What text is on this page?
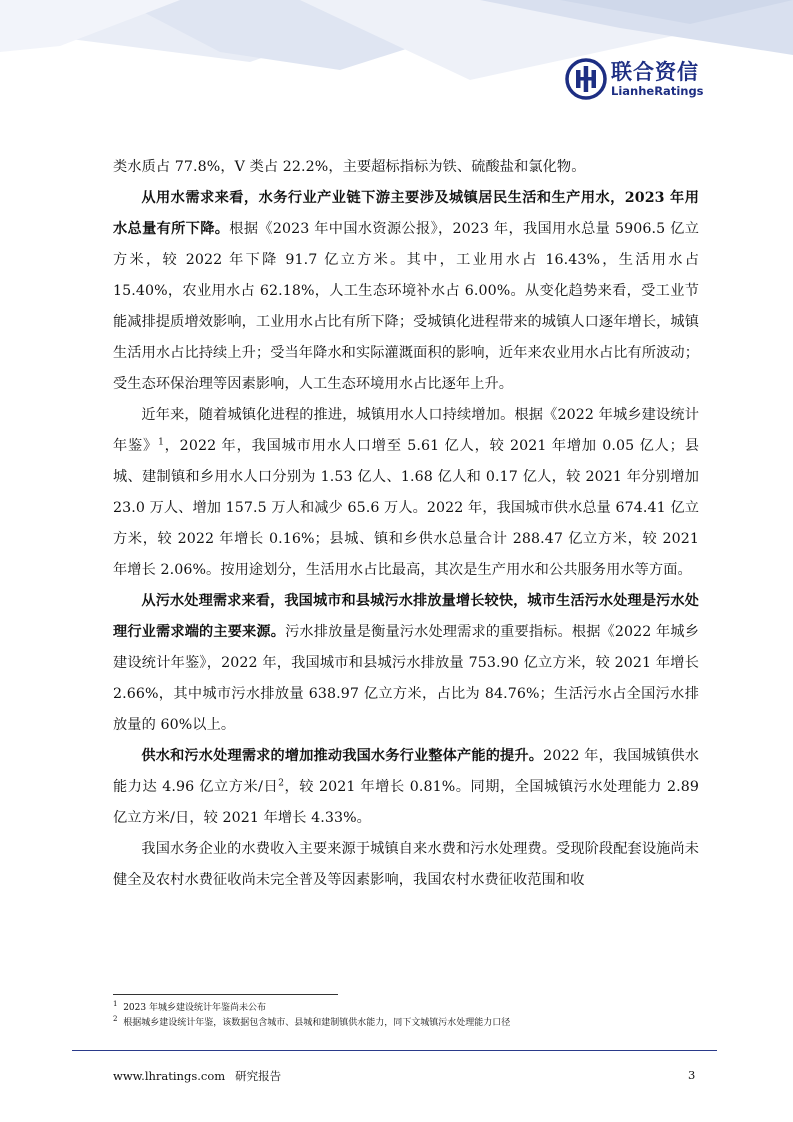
联合资信
LianheRatings

类水质占 77.8%，V 类占 22.2%，主要超标指标为铁、硫酸盐和氯化物。

从用水需求来看，水务行业产业链下游主要涉及城镇居民生活和生产用水，2023 年用水总量有所下降。根据《2023 年中国水资源公报》，2023 年，我国用水总量 5906.5 亿立方米，较 2022 年下降 91.7 亿立方米。其中，工业用水占 16.43%，生活用水占 15.40%，农业用水占 62.18%，人工生态环境补水占 6.00%。从变化趋势来看，受工业节能减排提质增效影响，工业用水占比有所下降；受城镇化进程带来的城镇人口逐年增长，城镇生活用水占比持续上升；受当年降水和实际灌溉面积的影响，近年来农业用水占比有所波动；受生态环保治理等因素影响，人工生态环境用水占比逐年上升。

近年来，随着城镇化进程的推进，城镇用水人口持续增加。根据《2022 年城乡建设统计年鉴》$^1$，2022 年，我国城市用水人口增至 5.61 亿人，较 2021 年增加 0.05 亿人；县城、建制镇和乡用水人口分别为 1.53 亿人、1.68 亿人和 0.17 亿人，较 2021 年分别增加 23.0 万人、增加 157.5 万人和减少 65.6 万人。2022 年，我国城市供水总量 674.41 亿立方米，较 2022 年增长 0.16%；县城、镇和乡供水总量合计 288.47 亿立方米，较 2021 年增长 2.06%。按用途划分，生活用水占比最高，其次是生产用水和公共服务用水等方面。

从污水处理需求来看，我国城市和县城污水排放量增长较快，城市生活污水处理是污水处理行业需求端的主要来源。污水排放量是衡量污水处理需求的重要指标。根据《2022 年城乡建设统计年鉴》，2022 年，我国城市和县城污水排放量 753.90 亿立方米，较 2021 年增长 2.66%，其中城市污水排放量 638.97 亿立方米，占比为 84.76%；生活污水占全国污水排放量的 60%以上。

供水和污水处理需求的增加推动我国水务行业整体产能的提升。2022 年，我国城镇供水能力达 4.96 亿立方米/日$^2$，较 2021 年增长 0.81%。同期，全国城镇污水处理能力 2.89 亿立方米/日，较 2021 年增长 4.33%。

我国水务企业的水费收入主要来源于城镇自来水费和污水处理费。受现阶段配套设施尚未健全及农村水费征收尚未完全普及等因素影响，我国农村水费征收范围和收

$^1$ 2023 年城乡建设统计年鉴尚未公布
$^2$ 根据城乡建设统计年鉴，该数据包含城市、县城和建制镇供水能力，同下文城镇污水处理能力口径
www.lhratings.com 研究报告	3
